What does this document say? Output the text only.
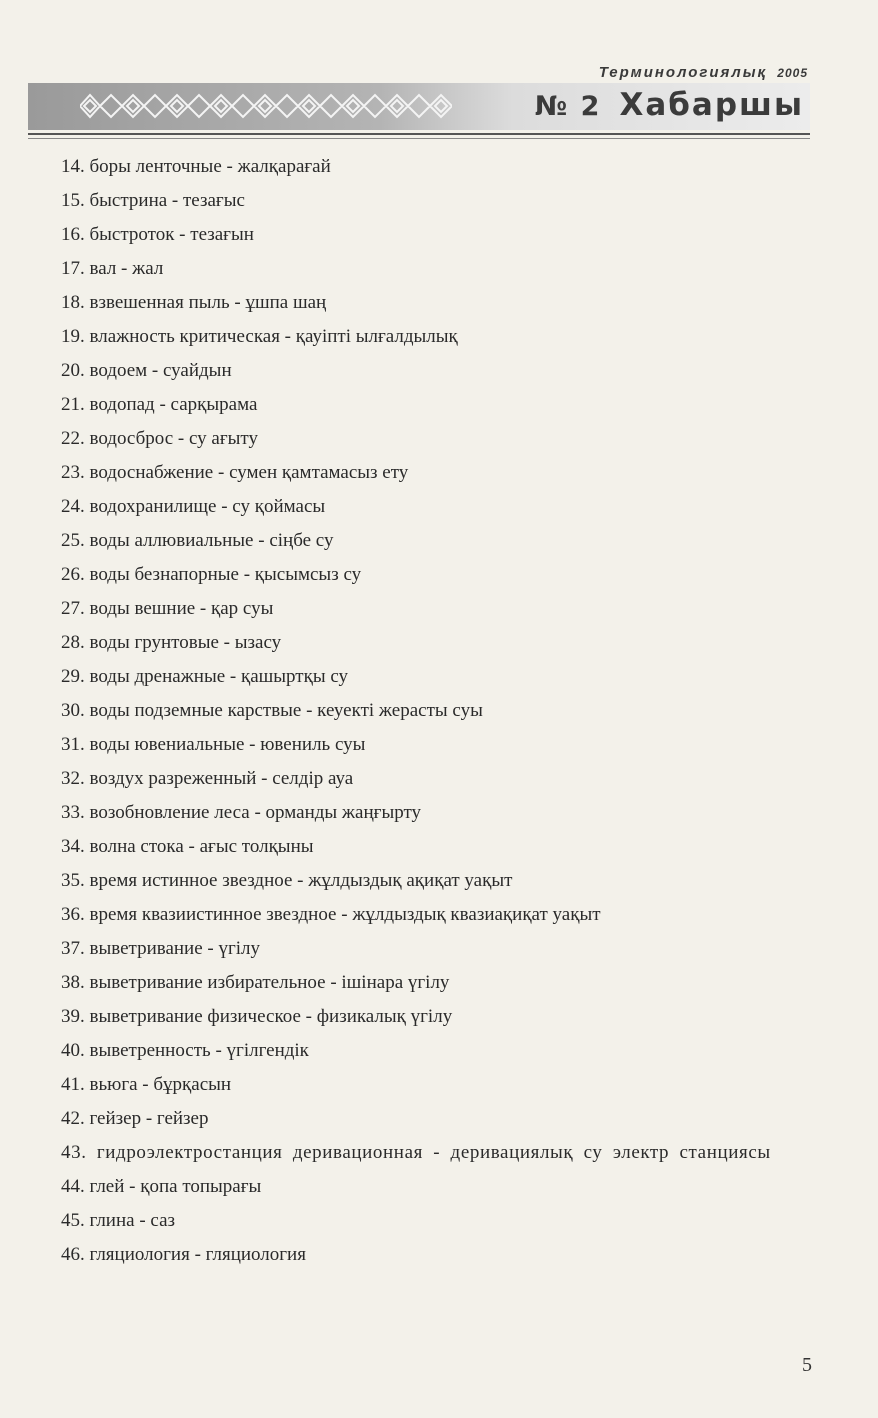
Терминологиялық 2005
№ 2 Хабаршы
14. боры ленточные - жалқарағай
15. быстрина - тезағыс
16. быстроток - тезағын
17. вал - жал
18. взвешенная пыль - ұшпа шаң
19. влажность критическая - қауіпті ылғалдылық
20. водоем - суайдын
21. водопад - сарқырама
22. водосброс - су ағыту
23. водоснабжение - сумен қамтамасыз ету
24. водохранилище - су қоймасы
25. воды аллювиальные - сіңбе су
26. воды безнапорные - қысымсыз су
27. воды вешние - қар суы
28. воды грунтовые - ызасу
29. воды дренажные - қашыртқы су
30. воды подземные карствые - кеуекті жерасты суы
31. воды ювениальные - ювениль суы
32. воздух разреженный - селдір ауа
33. возобновление леса - орманды жаңғырту
34. волна стока - ағыс толқыны
35. время истинное звездное - жұлдыздық ақиқат уақыт
36. время квазиистинное звездное - жұлдыздық квазиақиқат уақыт
37. выветривание - үгілу
38. выветривание избирательное - ішінара үгілу
39. выветривание физическое - физикалық үгілу
40. выветренность - үгілгендік
41. вьюга - бұрқасын
42. гейзер - гейзер
43. гидроэлектростанция деривационная - деривациялық су электр станциясы
44. глей - қопа топырағы
45. глина - саз
46. гляциология - гляциология
5
